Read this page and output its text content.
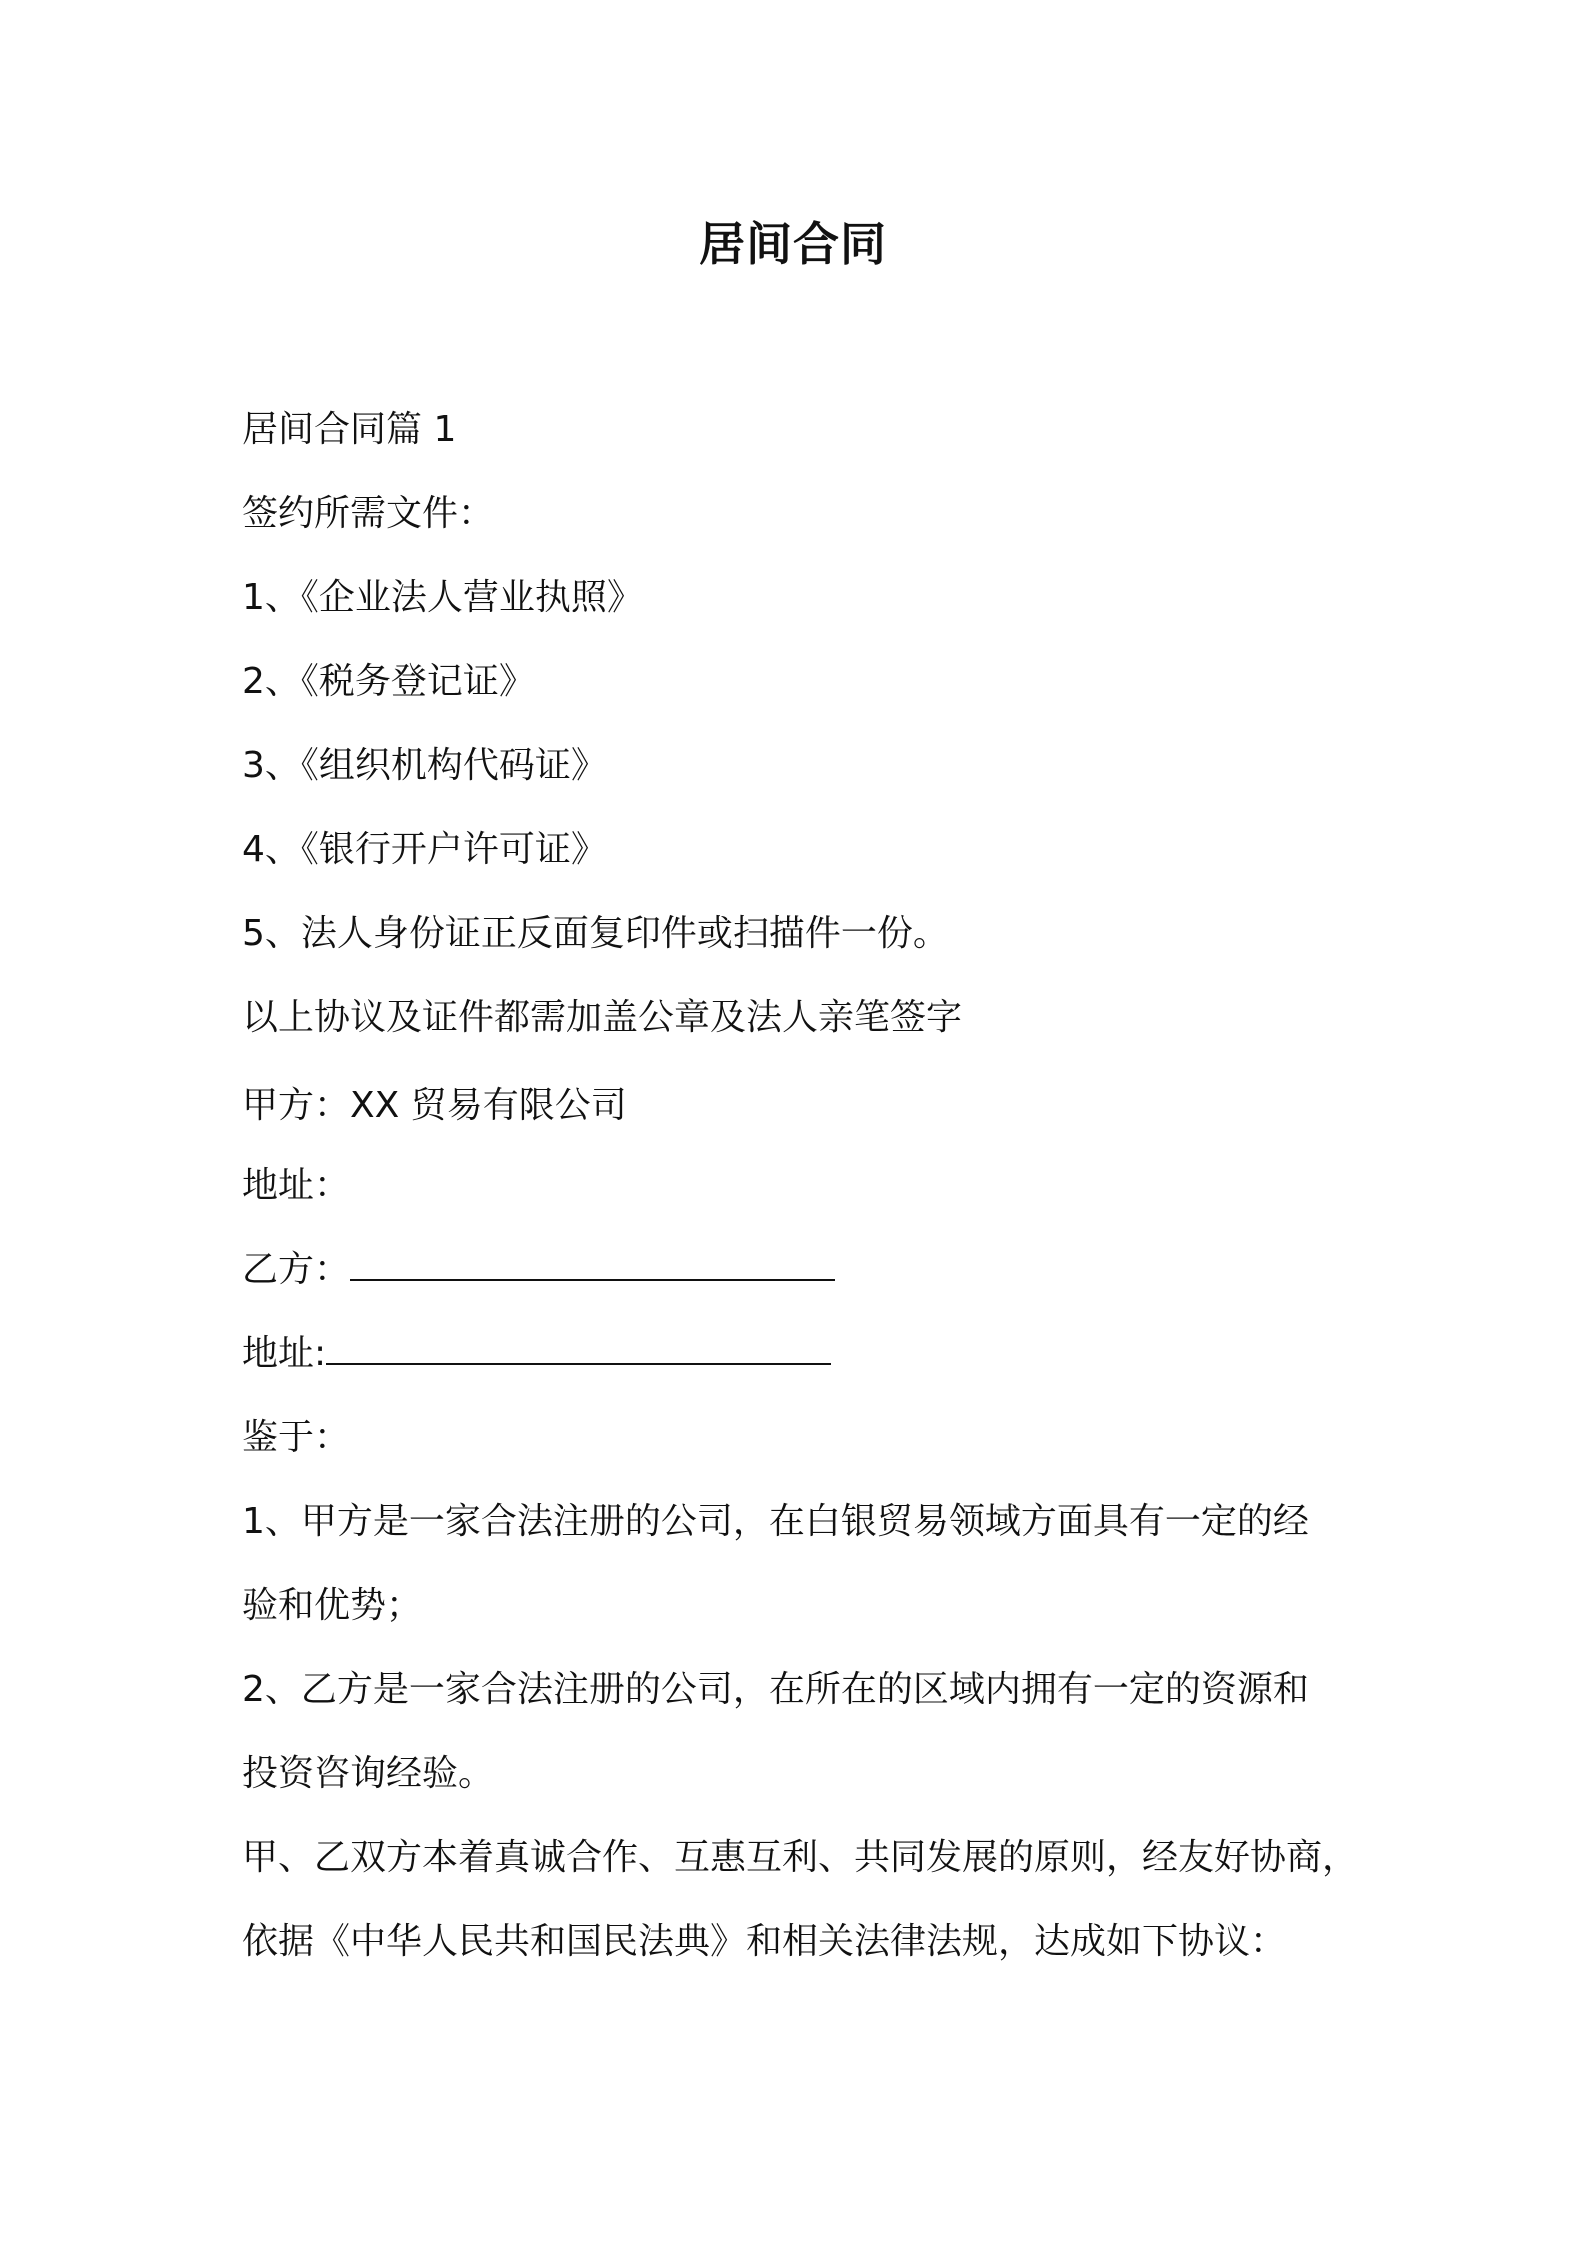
居间合同

居间合同篇 1

签约所需文件：

1、《企业法人营业执照》

2、《税务登记证》

3、《组织机构代码证》

4、《银行开户许可证》

5、法人身份证正反面复印件或扫描件一份。

以上协议及证件都需加盖公章及法人亲笔签字

甲方：XX 贸易有限公司

地址：

乙方：

地址:

鉴于：

1、甲方是一家合法注册的公司，在白银贸易领域方面具有一定的经

验和优势；

2、乙方是一家合法注册的公司，在所在的区域内拥有一定的资源和

投资咨询经验。

甲、乙双方本着真诚合作、互惠互利、共同发展的原则，经友好协商，

依据《中华人民共和国民法典》和相关法律法规，达成如下协议：
